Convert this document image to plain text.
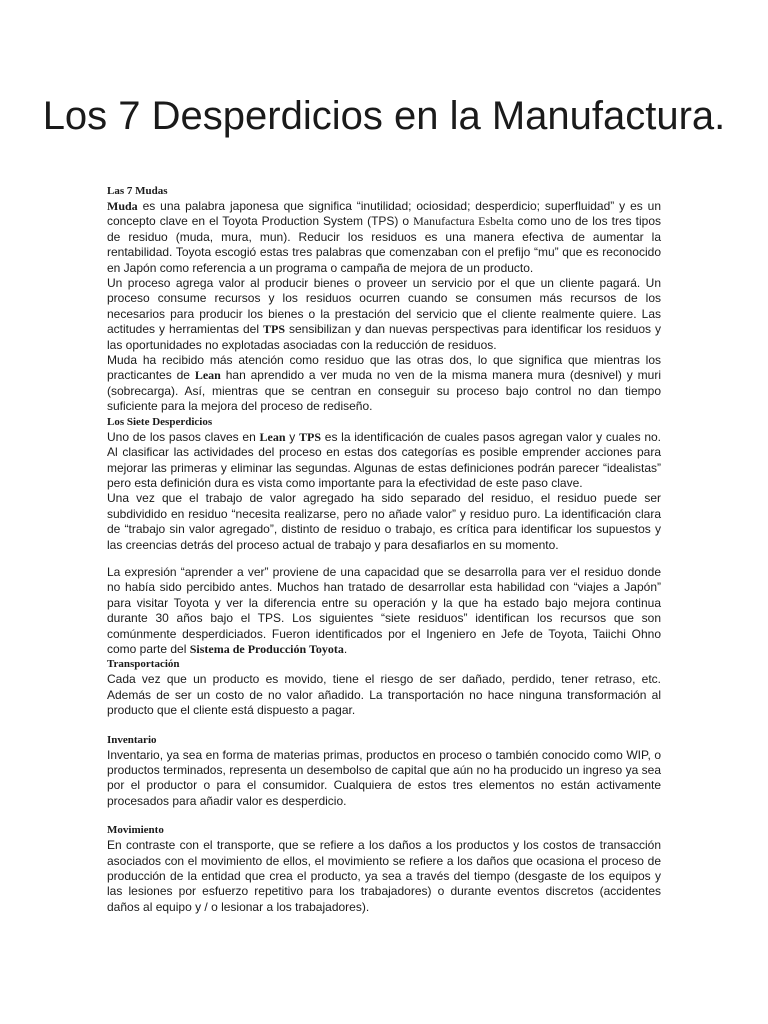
Los 7 Desperdicios en la Manufactura.
Las 7 Mudas

Muda es una palabra japonesa que significa “inutilidad; ociosidad; desperdicio; superfluidad” y es un concepto clave en el Toyota Production System (TPS) o Manufactura Esbelta como uno de los tres tipos de residuo (muda, mura, mun). Reducir los residuos es una manera efectiva de aumentar la rentabilidad. Toyota escogió estas tres palabras que comenzaban con el prefijo “mu” que es reconocido en Japón como referencia a un programa o campaña de mejora de un producto.

Un proceso agrega valor al producir bienes o proveer un servicio por el que un cliente pagará. Un proceso consume recursos y los residuos ocurren cuando se consumen más recursos de los necesarios para producir los bienes o la prestación del servicio que el cliente realmente quiere. Las actitudes y herramientas del TPS sensibilizan y dan nuevas perspectivas para identificar los residuos y las oportunidades no explotadas asociadas con la reducción de residuos.

Muda ha recibido más atención como residuo que las otras dos, lo que significa que mientras los practicantes de Lean han aprendido a ver muda no ven de la misma manera mura (desnivel) y muri (sobrecarga). Así, mientras que se centran en conseguir su proceso bajo control no dan tiempo suficiente para la mejora del proceso de rediseño.

Los Siete Desperdicios

Uno de los pasos claves en Lean y TPS es la identificación de cuales pasos agregan valor y cuales no. Al clasificar las actividades del proceso en estas dos categorías es posible emprender acciones para mejorar las primeras y eliminar las segundas. Algunas de estas definiciones podrán parecer “idealistas” pero esta definición dura es vista como importante para la efectividad de este paso clave.

Una vez que el trabajo de valor agregado ha sido separado del residuo, el residuo puede ser subdividido en residuo “necesita realizarse, pero no añade valor” y residuo puro. La identificación clara de “trabajo sin valor agregado”, distinto de residuo o trabajo, es crítica para identificar los supuestos y las creencias detrás del proceso actual de trabajo y para desafiarlos en su momento.

La expresión “aprender a ver” proviene de una capacidad que se desarrolla para ver el residuo donde no había sido percibido antes. Muchos han tratado de desarrollar esta habilidad con “viajes a Japón” para visitar Toyota y ver la diferencia entre su operación y la que ha estado bajo mejora continua durante 30 años bajo el TPS. Los siguientes “siete residuos” identifican los recursos que son comúnmente desperdiciados. Fueron identificados por el Ingeniero en Jefe de Toyota, Taiichi Ohno como parte del Sistema de Producción Toyota.

Transportación

Cada vez que un producto es movido, tiene el riesgo de ser dañado, perdido, tener retraso, etc. Además de ser un costo de no valor añadido. La transportación no hace ninguna transformación al producto que el cliente está dispuesto a pagar.

Inventario

Inventario, ya sea en forma de materias primas, productos en proceso o también conocido como WIP, o productos terminados, representa un desembolso de capital que aún no ha producido un ingreso ya sea por el productor o para el consumidor. Cualquiera de estos tres elementos no están activamente procesados para añadir valor es desperdicio.

Movimiento

En contraste con el transporte, que se refiere a los daños a los productos y los costos de transacción asociados con el movimiento de ellos, el movimiento se refiere a los daños que ocasiona el proceso de producción de la entidad que crea el producto, ya sea a través del tiempo (desgaste de los equipos y las lesiones por esfuerzo repetitivo para los trabajadores) o durante eventos discretos (accidentes daños al equipo y / o lesionar a los trabajadores).
